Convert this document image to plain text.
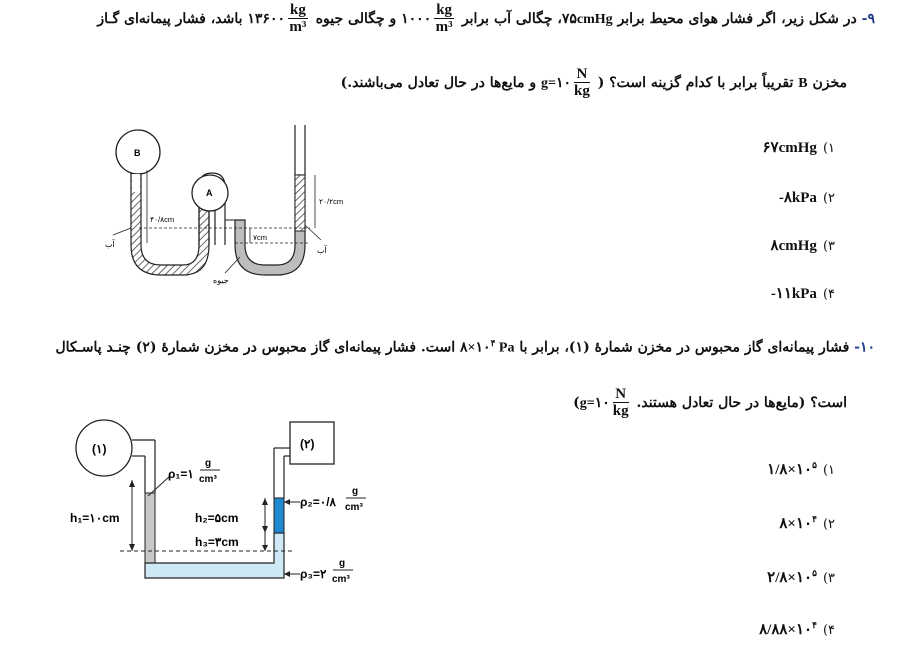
۹- در شکل زیر، اگر فشار هوای محیط برابر ۷۵cmHg، چگالی آب برابر
$\frac{kg}{\text{m³}}$
۱۰۰۰ و چگالی جیوه
$\frac{kg}{\text{m³}}$
۱۳۶۰۰ باشد، فشار پیمانه‌ای گـاز
مخزن B تقریباً برابر با کدام گزینه است؟ (
$\frac{N}{kg}$
g=۱۰ و مایع‌ها در حال تعادل می‌باشند.)
B
A
۴۰/۸cm
۷cm
۲۰/۲cm
آب
جیوه
آب
۱)۶۷cmHg
۲)-۸kPa
۳)۸cmHg
۴)-۱۱kPa
۱۰- فشار پیمانه‌ای گاز محبوس در مخزن شمارهٔ (۱)، برابر با $۸\times ۱۰^۴$ Pa است. فشار پیمانه‌ای گاز محبوس در مخزن شمارهٔ (۲) چنـد پاسـکال
است؟ (مایع‌ها در حال تعادل هستند.
$\frac{N}{kg}$
g=۱۰)
(۱)	(۲)
h₁=۱۰cm	h₂=۵cm
h₃=۳cm
ρ₁=۱
g
cm³
ρ₂=۰/۸
g
cm³
ρ₃=۲
g
cm³
$۱)۱/۸\times ۱۰^۵$
$۲)۸\times ۱۰^۴$
$۳)۲/۸\times ۱۰^۵$
$۴)۸/۸۸\times ۱۰^۴$
